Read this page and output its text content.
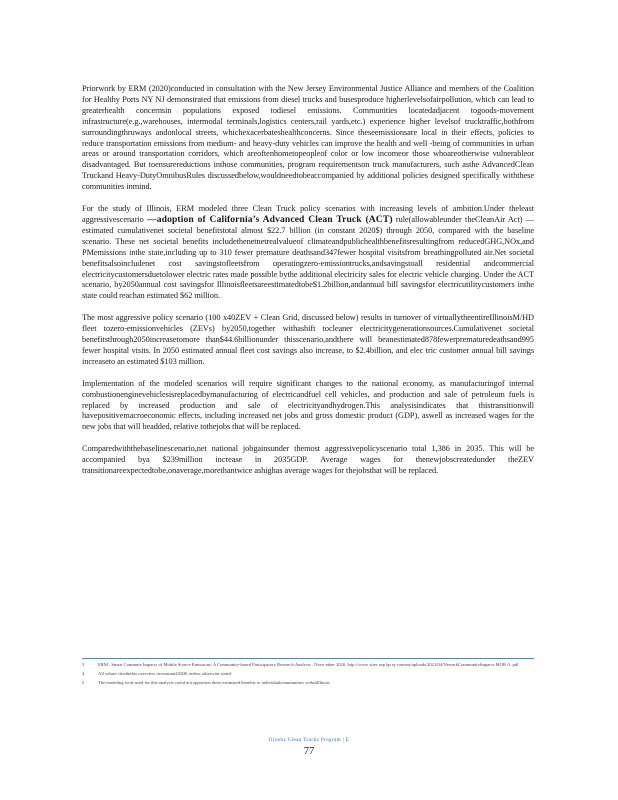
Priorwork by ERM (2020)conducted in consultation with the New Jersey Environmental Justice Alliance and members of the Coalition for Healthy Ports NY NJ demonstrated that emissions from diesel trucks and busesproduce higherlevelsofairpollution, which can lead to greaterhealth concernsin populations exposed todiesel emissions. Communities locatedadjacent togoods-movement infrastructure(e.g.,warehouses, intermodal terminals,logistics centers,rail yards,etc.) experience higher levelsof trucktraffic,bothfrom surroundingthruways andonlocal streets, whichexacerbateshealthconcerns. Since theseemissionsare local in their effects, policies to reduce transportation emissions from medium- and heavy-duty vehicles can improve the health and well -being of communities in urban areas or around transportation corridors, which areoftenhometopeopleof color or low incomeor those whoareotherwise vulnerableor disadvantaged. But toensurereductions inthose communities, program requirementson truck manufacturers, such asthe AdvancedClean Truckand Heavy-DutyOmnibusRules discussedbelow,wouldneedtobeaccompanied by additional policies designed specifically withthese communities inmind.

For the study of Illinois, ERM modeled three Clean Truck policy scenarios with increasing levels of ambition.Under theleast aggressivescenario —adoption of California’s Advanced Clean Truck (ACT) rule(allowableunder theCleanAir Act) —estimated cumulativenet societal benefitstotal almost $22.7 billion (in constant 2020$) through 2050, compared with the baseline scenario. These net societal benefits includethenetnetrealvalueof climateandpublichealthbenefitsresultingfrom reducedGHG,NOx,and PMemissions inthe state,including up to 310 fewer premature deathsand347fewer hospital visitsfrom breathingpolluted air.Net societal benefitsalsoincludenet cost savingstofleetsfrom operatingzero-emissiontrucks,andsavingstoall residential andcommercial electricitycustomersduetolower electric rates made possible bythe additional electricity sales for electric vehicle charging. Under the ACT scenario, by2050annual cost savingsfor Illinoisfleetsareestimatedtobe$1.2billion,andannual bill savingsfor electricutilitycustomers inthe state could reachan estimated $62 million.

The most aggressive policy scenario (100 x40ZEV + Clean Grid, discussed below) results in turnover of virtuallytheentireIllinoisM/HD fleet tozero-emissionvehicles (ZEVs) by2050,together withashift tocleaner electricitygenerationsources.Cumulativenet societal benefitsthrough2050increasetomore than$44.6billionunder thisscenario,andthere will beanestimated878fewerprematuredeathsand995 fewer hospital visits. In 2050 estimated annual fleet cost savings also increase, to $2.4billion, and elec tric customer annual bill savings increaseto an estimated $103 million.

Implementation of the modeled scenarios will require significant changes to the national economy, as manufacturingof internal combustionenginevehiclesisreplacedbymanufacturing of electricandfuel cell vehicles, and production and sale of petroleum fuels is replaced by increased production and sale of electricityandhydrogen.This analysisindicates that thistransitionwill havepositivemacroeconomic effects, including increased net jobs and gross domestic product (GDP), aswell as increased wages for the new jobs that will beadded, relative tothejobs that will be replaced.

Comparedwiththebaselinescenario,net national jobgainsunder themost aggressivepolicyscenario total 1,386 in 2035. This will be accompanied bya $239million increase in 2035GDP. Average wages for thenewjobscreatedunder theZEV transitionareexpectedtobe,onaverage,morethantwice ashighas average wages for thejobsthat will be replaced.

3	ERM , Smart Commute Impacts of Mobile Source Emissions: A Community-based Participatory Research Analysis , Nove mber 2020, http://www sites sep bp ej-content/uploads/2021/04/NewarkCommunityImpacts MOB A. pdf
4	All values citedinthis overview inconstant2020$, unless otherwise stated
5	The modeling tools used for this analysis could not apportion these estimated benefits to individualcommunities withinIllinois
Illinois Clean Trucks Program | E
77
